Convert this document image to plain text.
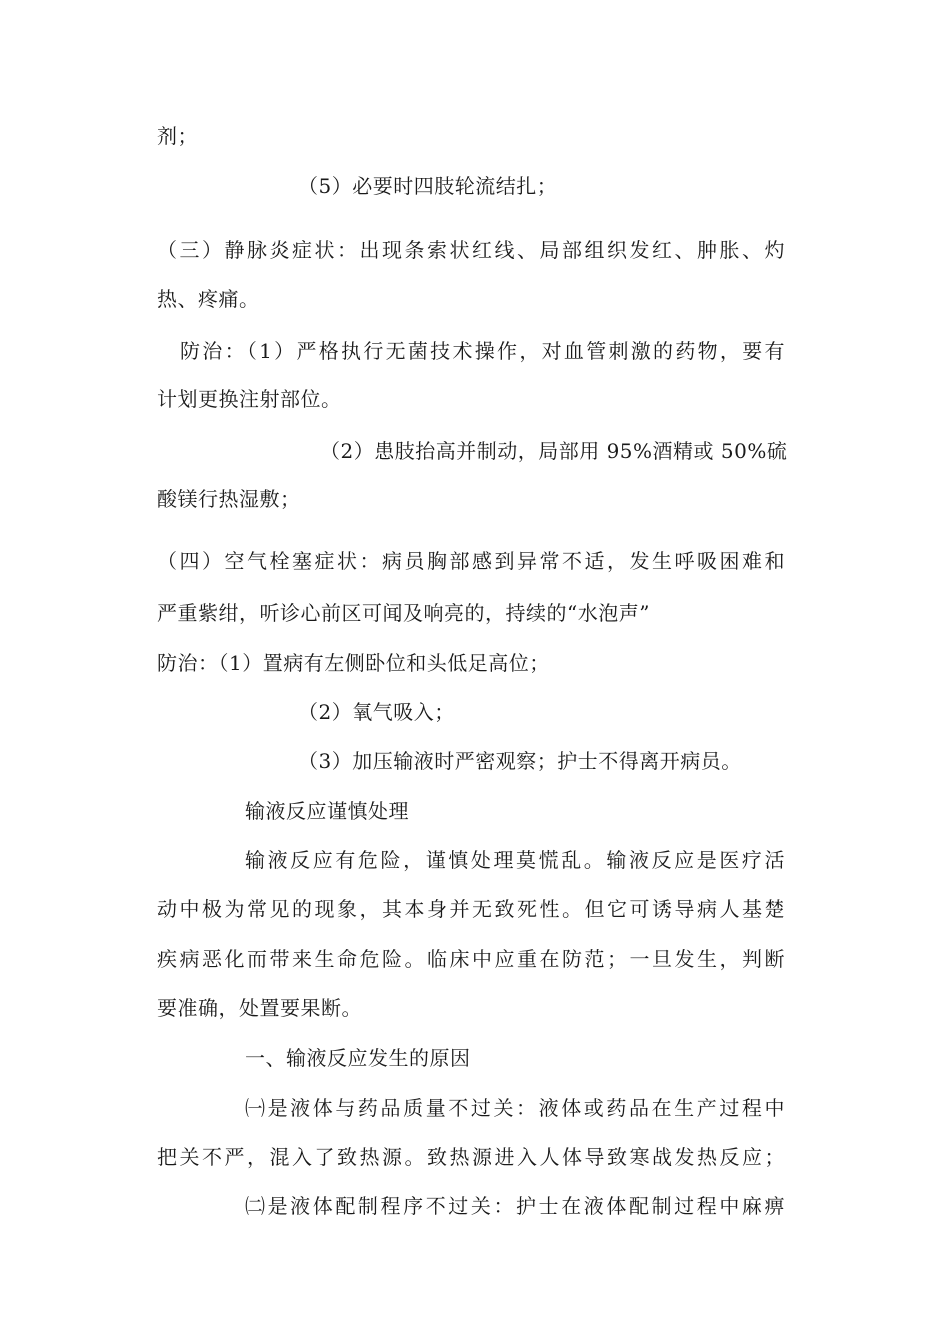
剂；
（5）必要时四肢轮流结扎；
（三）静脉炎症状：出现条索状红线、局部组织发红、肿胀、灼
热、疼痛。
防治：（1）严格执行无菌技术操作，对血管刺激的药物，要有
计划更换注射部位。
（2）患肢抬高并制动，局部用 95%酒精或 50%硫
酸镁行热湿敷；
（四）空气栓塞症状：病员胸部感到异常不适，发生呼吸困难和
严重紫绀，听诊心前区可闻及响亮的，持续的“水泡声”
防治：（1）置病有左侧卧位和头低足高位；
（2）氧气吸入；
（3）加压输液时严密观察；护士不得离开病员。
输液反应谨慎处理
输液反应有危险，谨慎处理莫慌乱。输液反应是医疗活
动中极为常见的现象，其本身并无致死性。但它可诱导病人基楚
疾病恶化而带来生命危险。临床中应重在防范；一旦发生，判断
要准确，处置要果断。
一、输液反应发生的原因
㈠是液体与药品质量不过关：液体或药品在生产过程中
把关不严，混入了致热源。致热源进入人体导致寒战发热反应；
㈡是液体配制程序不过关：护士在液体配制过程中麻痹
